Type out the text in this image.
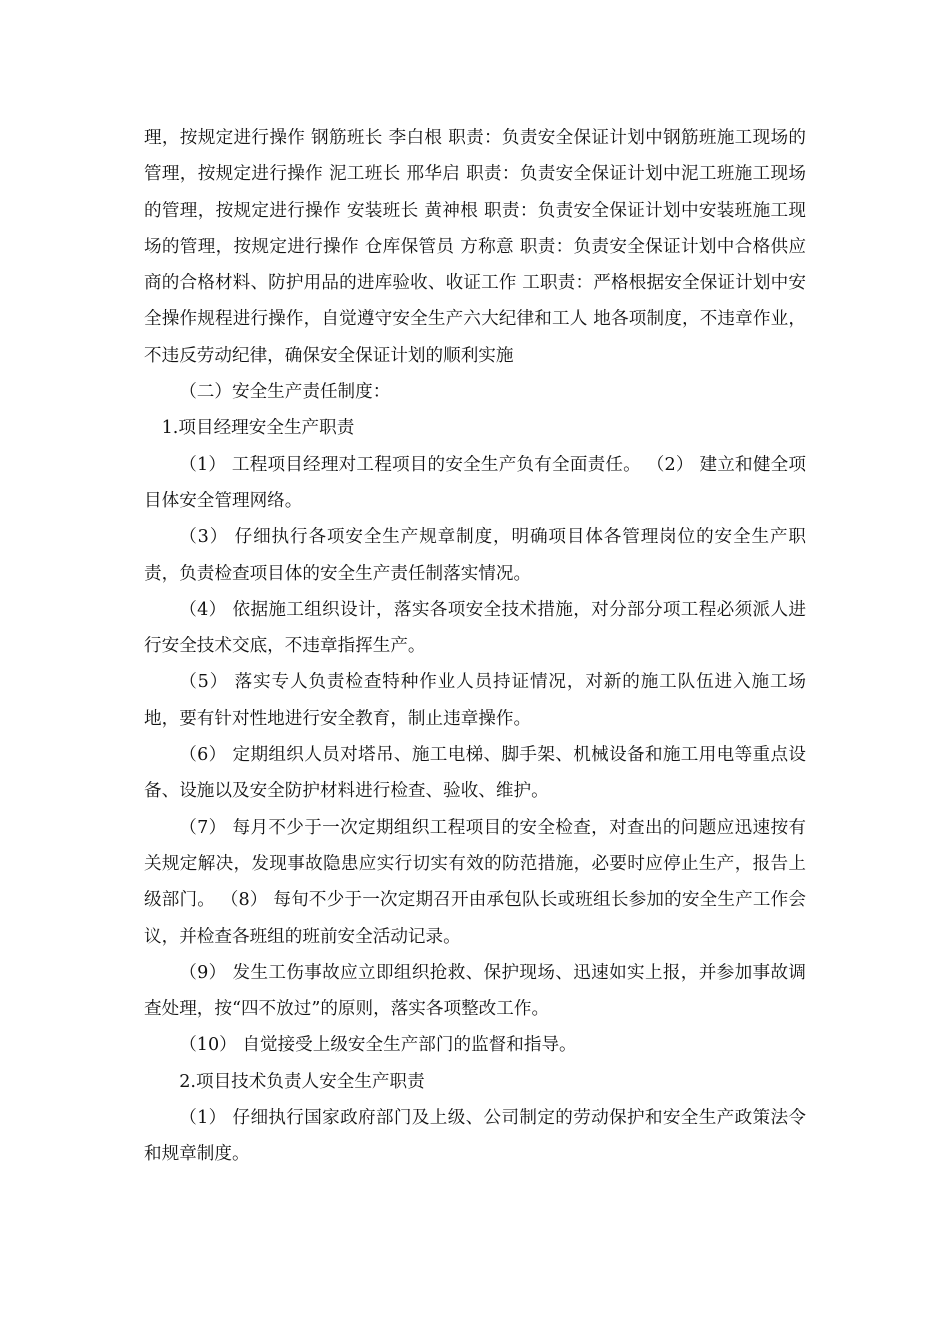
理，按规定进行操作 钢筋班长 李白根 职责：负责安全保证计划中钢筋班施工现场的管理，按规定进行操作 泥工班长 邢华启 职责：负责安全保证计划中泥工班施工现场的管理，按规定进行操作 安装班长 黄神根 职责：负责安全保证计划中安装班施工现场的管理，按规定进行操作 仓库保管员 方称意 职责：负责安全保证计划中合格供应商的合格材料、防护用品的进库验收、收证工作 工职责：严格根据安全保证计划中安全操作规程进行操作，自觉遵守安全生产六大纪律和工人 地各项制度，不违章作业，不违反劳动纪律，确保安全保证计划的顺利实施

（二）安全生产责任制度：

1.项目经理安全生产职责

（1） 工程项目经理对工程项目的安全生产负有全面责任。 （2） 建立和健全项目体安全管理网络。

（3） 仔细执行各项安全生产规章制度，明确项目体各管理岗位的安全生产职责，负责检查项目体的安全生产责任制落实情况。

（4） 依据施工组织设计，落实各项安全技术措施，对分部分项工程必须派人进行安全技术交底，不违章指挥生产。

（5） 落实专人负责检查特种作业人员持证情况，对新的施工队伍进入施工场地，要有针对性地进行安全教育，制止违章操作。

（6） 定期组织人员对塔吊、施工电梯、脚手架、机械设备和施工用电等重点设备、设施以及安全防护材料进行检查、验收、维护。

（7） 每月不少于一次定期组织工程项目的安全检查，对查出的问题应迅速按有关规定解决，发现事故隐患应实行切实有效的防范措施，必要时应停止生产，报告上级部门。 （8） 每旬不少于一次定期召开由承包队长或班组长参加的安全生产工作会议，并检查各班组的班前安全活动记录。

（9） 发生工伤事故应立即组织抢救、保护现场、迅速如实上报，并参加事故调查处理，按“四不放过”的原则，落实各项整改工作。

（10） 自觉接受上级安全生产部门的监督和指导。

2.项目技术负责人安全生产职责

（1） 仔细执行国家政府部门及上级、公司制定的劳动保护和安全生产政策法令和规章制度。
